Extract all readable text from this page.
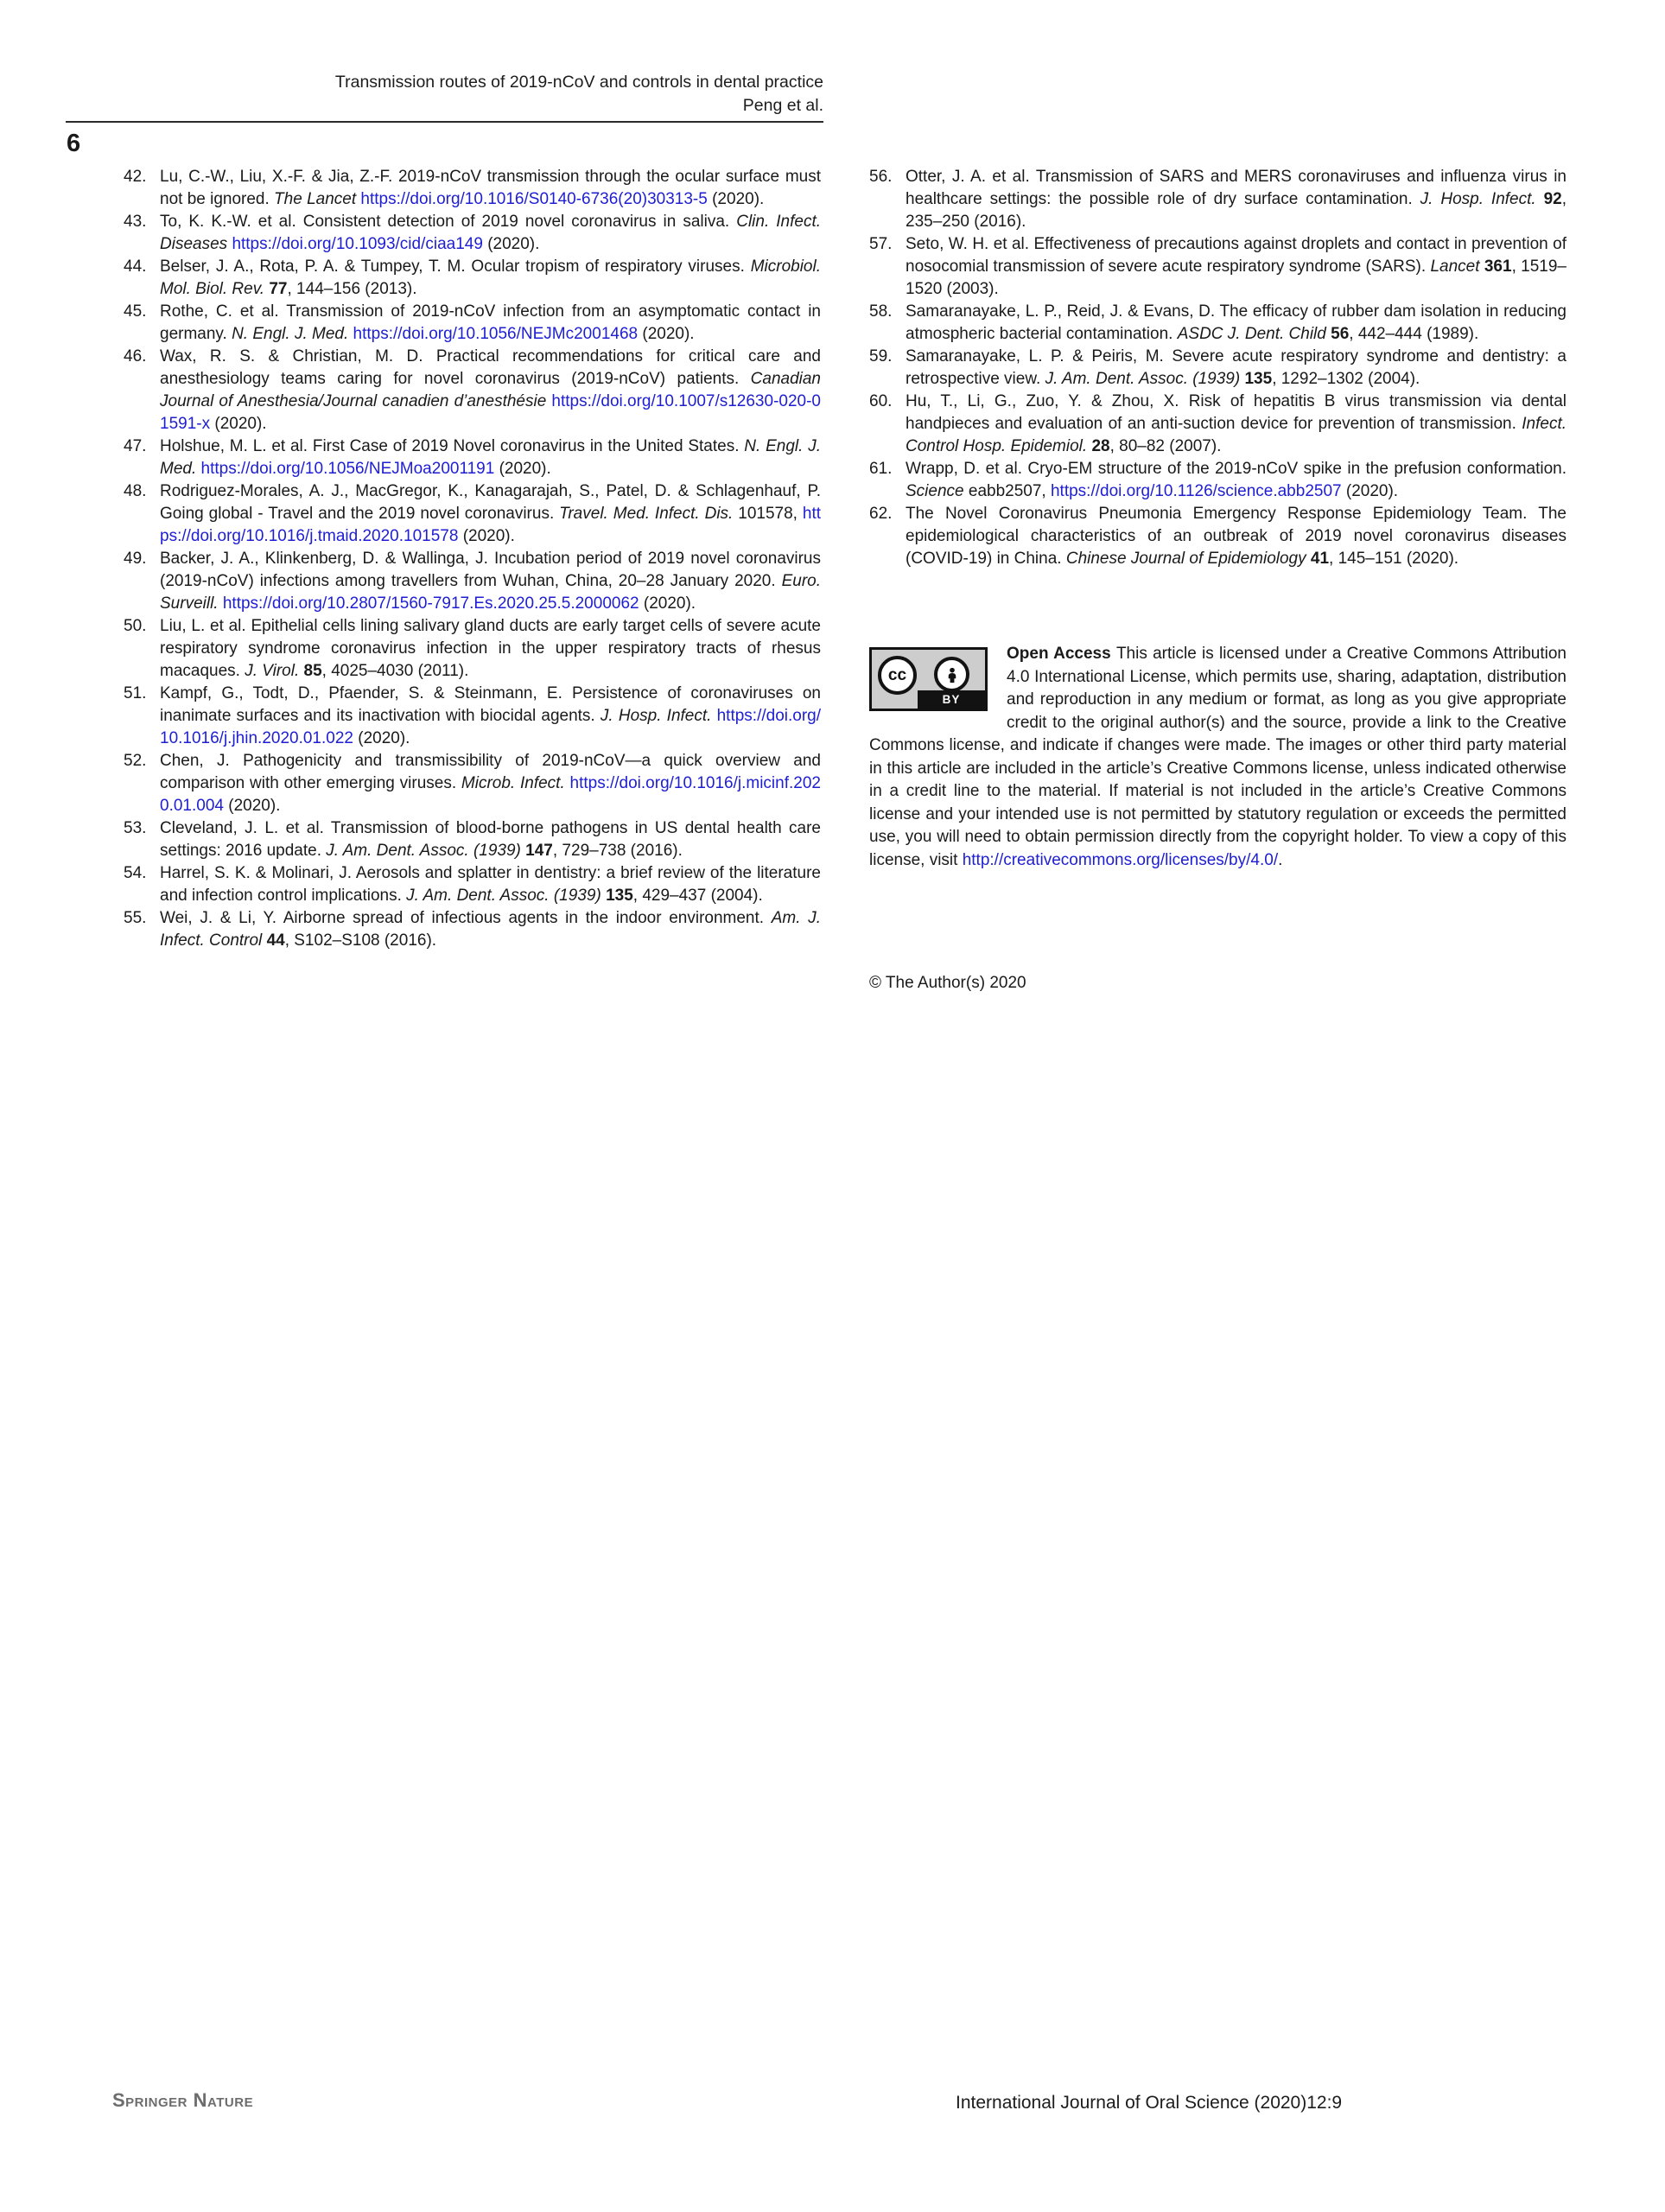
Transmission routes of 2019-nCoV and controls in dental practice
Peng et al.
6
42. Lu, C.-W., Liu, X.-F. & Jia, Z.-F. 2019-nCoV transmission through the ocular surface must not be ignored. The Lancet https://doi.org/10.1016/S0140-6736(20)30313-5 (2020).
43. To, K. K.-W. et al. Consistent detection of 2019 novel coronavirus in saliva. Clin. Infect. Diseases https://doi.org/10.1093/cid/ciaa149 (2020).
44. Belser, J. A., Rota, P. A. & Tumpey, T. M. Ocular tropism of respiratory viruses. Microbiol. Mol. Biol. Rev. 77, 144–156 (2013).
45. Rothe, C. et al. Transmission of 2019-nCoV infection from an asymptomatic contact in germany. N. Engl. J. Med. https://doi.org/10.1056/NEJMc2001468 (2020).
46. Wax, R. S. & Christian, M. D. Practical recommendations for critical care and anesthesiology teams caring for novel coronavirus (2019-nCoV) patients. Canadian Journal of Anesthesia/Journal canadien d’anesthésie https://doi.org/10.1007/s12630-020-01591-x (2020).
47. Holshue, M. L. et al. First Case of 2019 Novel coronavirus in the United States. N. Engl. J. Med. https://doi.org/10.1056/NEJMoa2001191 (2020).
48. Rodriguez-Morales, A. J., MacGregor, K., Kanagarajah, S., Patel, D. & Schlagenhauf, P. Going global - Travel and the 2019 novel coronavirus. Travel. Med. Infect. Dis. 101578, https://doi.org/10.1016/j.tmaid.2020.101578 (2020).
49. Backer, J. A., Klinkenberg, D. & Wallinga, J. Incubation period of 2019 novel coronavirus (2019-nCoV) infections among travellers from Wuhan, China, 20–28 January 2020. Euro. Surveill. https://doi.org/10.2807/1560-7917.Es.2020.25.5.2000062 (2020).
50. Liu, L. et al. Epithelial cells lining salivary gland ducts are early target cells of severe acute respiratory syndrome coronavirus infection in the upper respiratory tracts of rhesus macaques. J. Virol. 85, 4025–4030 (2011).
51. Kampf, G., Todt, D., Pfaender, S. & Steinmann, E. Persistence of coronaviruses on inanimate surfaces and its inactivation with biocidal agents. J. Hosp. Infect. https://doi.org/10.1016/j.jhin.2020.01.022 (2020).
52. Chen, J. Pathogenicity and transmissibility of 2019-nCoV—a quick overview and comparison with other emerging viruses. Microb. Infect. https://doi.org/10.1016/j.micinf.2020.01.004 (2020).
53. Cleveland, J. L. et al. Transmission of blood-borne pathogens in US dental health care settings: 2016 update. J. Am. Dent. Assoc. (1939) 147, 729–738 (2016).
54. Harrel, S. K. & Molinari, J. Aerosols and splatter in dentistry: a brief review of the literature and infection control implications. J. Am. Dent. Assoc. (1939) 135, 429–437 (2004).
55. Wei, J. & Li, Y. Airborne spread of infectious agents in the indoor environment. Am. J. Infect. Control 44, S102–S108 (2016).
56. Otter, J. A. et al. Transmission of SARS and MERS coronaviruses and influenza virus in healthcare settings: the possible role of dry surface contamination. J. Hosp. Infect. 92, 235–250 (2016).
57. Seto, W. H. et al. Effectiveness of precautions against droplets and contact in prevention of nosocomial transmission of severe acute respiratory syndrome (SARS). Lancet 361, 1519–1520 (2003).
58. Samaranayake, L. P., Reid, J. & Evans, D. The efficacy of rubber dam isolation in reducing atmospheric bacterial contamination. ASDC J. Dent. Child 56, 442–444 (1989).
59. Samaranayake, L. P. & Peiris, M. Severe acute respiratory syndrome and dentistry: a retrospective view. J. Am. Dent. Assoc. (1939) 135, 1292–1302 (2004).
60. Hu, T., Li, G., Zuo, Y. & Zhou, X. Risk of hepatitis B virus transmission via dental handpieces and evaluation of an anti-suction device for prevention of transmission. Infect. Control Hosp. Epidemiol. 28, 80–82 (2007).
61. Wrapp, D. et al. Cryo-EM structure of the 2019-nCoV spike in the prefusion conformation. Science eabb2507, https://doi.org/10.1126/science.abb2507 (2020).
62. The Novel Coronavirus Pneumonia Emergency Response Epidemiology Team. The epidemiological characteristics of an outbreak of 2019 novel coronavirus diseases (COVID-19) in China. Chinese Journal of Epidemiology 41, 145–151 (2020).
cc
BY

Open Access This article is licensed under a Creative Commons Attribution 4.0 International License, which permits use, sharing, adaptation, distribution and reproduction in any medium or format, as long as you give appropriate credit to the original author(s) and the source, provide a link to the Creative Commons license, and indicate if changes were made. The images or other third party material in this article are included in the article’s Creative Commons license, unless indicated otherwise in a credit line to the material. If material is not included in the article’s Creative Commons license and your intended use is not permitted by statutory regulation or exceeds the permitted use, you will need to obtain permission directly from the copyright holder. To view a copy of this license, visit http://creativecommons.org/licenses/by/4.0/.

© The Author(s) 2020
Springer Nature	International Journal of Oral Science (2020)12:9
